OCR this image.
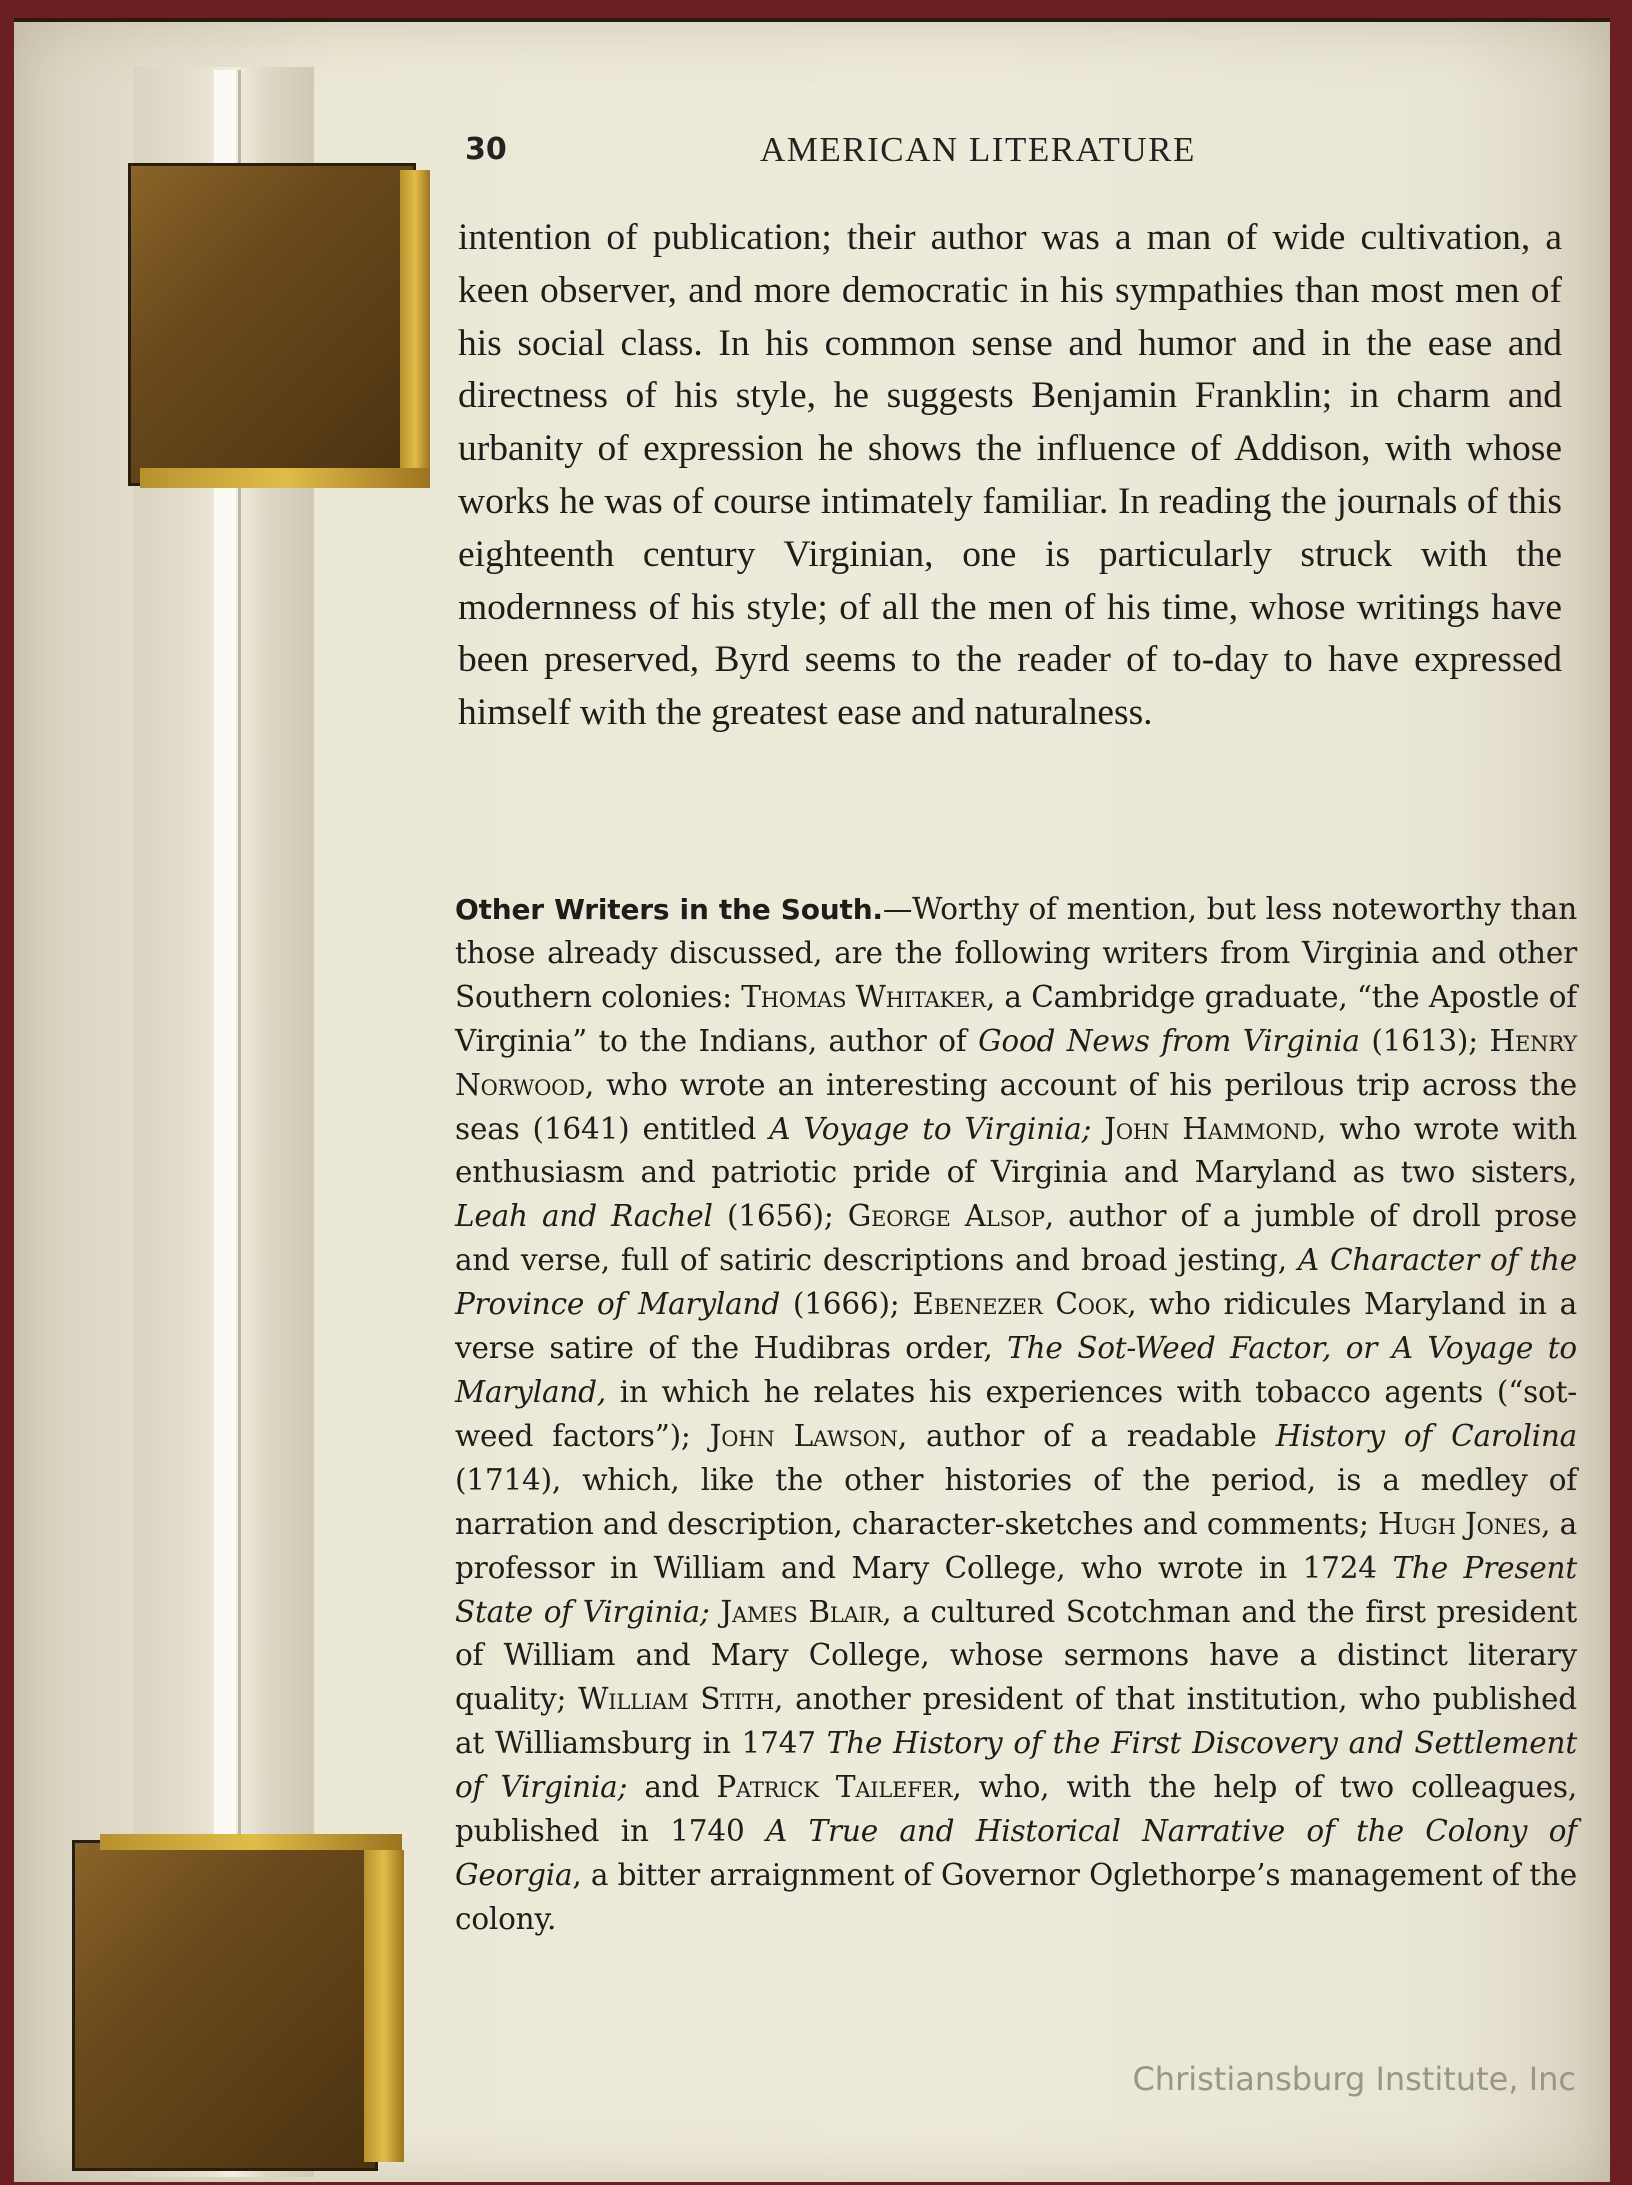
30	AMERICAN LITERATURE

intention of publication; their author was a man of wide cultivation, a keen observer, and more democratic in his sympathies than most men of his social class. In his common sense and humor and in the ease and directness of his style, he suggests Benjamin Franklin; in charm and urbanity of expression he shows the influence of Addison, with whose works he was of course intimately familiar. In reading the journals of this eighteenth century Virginian, one is particularly struck with the modernness of his style; of all the men of his time, whose writings have been preserved, Byrd seems to the reader of to-day to have expressed himself with the greatest ease and naturalness.

Other Writers in the South.—Worthy of mention, but less noteworthy than those already discussed, are the following writers from Virginia and other Southern colonies: Thomas Whitaker, a Cambridge graduate, “the Apostle of Virginia” to the Indians, author of Good News from Virginia (1613); Henry Norwood, who wrote an interesting account of his perilous trip across the seas (1641) entitled A Voyage to Virginia; John Hammond, who wrote with enthusiasm and patriotic pride of Virginia and Maryland as two sisters, Leah and Rachel (1656); George Alsop, author of a jumble of droll prose and verse, full of satiric descriptions and broad jesting, A Character of the Province of Maryland (1666); Ebenezer Cook, who ridicules Maryland in a verse satire of the Hudibras order, The Sot-Weed Factor, or A Voyage to Maryland, in which he relates his experiences with tobacco agents (“sot-weed factors”); John Lawson, author of a readable History of Carolina (1714), which, like the other histories of the period, is a medley of narration and description, character-sketches and comments; Hugh Jones, a professor in William and Mary College, who wrote in 1724 The Present State of Virginia; James Blair, a cultured Scotchman and the first president of William and Mary College, whose sermons have a distinct literary quality; William Stith, another president of that institution, who published at Williamsburg in 1747 The History of the First Discovery and Settlement of Virginia; and Patrick Tailefer, who, with the help of two colleagues, published in 1740 A True and Historical Narrative of the Colony of Georgia, a bitter arraignment of Governor Oglethorpe’s management of the colony.

Christiansburg Institute, Inc
